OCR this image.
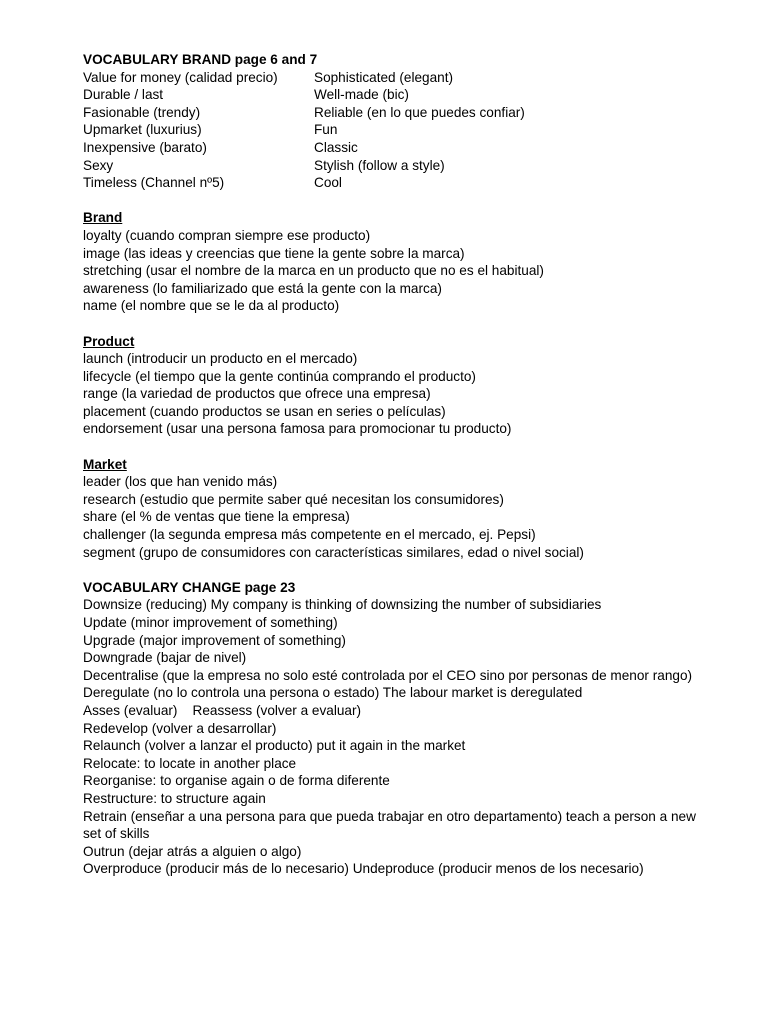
VOCABULARY BRAND page 6 and 7
Value for money (calidad precio)	Sophisticated (elegant)
Durable / last	Well-made (bic)
Fasionable (trendy)	Reliable (en lo que puedes confiar)
Upmarket (luxurius)	Fun
Inexpensive (barato)	Classic
Sexy	Stylish (follow a style)
Timeless (Channel nº5)	Cool
Brand
loyalty (cuando compran siempre ese producto)
image (las ideas y creencias que tiene la gente sobre la marca)
stretching (usar el nombre de la marca en un producto que no es el habitual)
awareness (lo familiarizado que está la gente con la marca)
name (el nombre que se le da al producto)
Product
launch (introducir un producto en el mercado)
lifecycle (el tiempo que la gente continúa comprando el producto)
range (la variedad de productos que ofrece una empresa)
placement (cuando productos se usan en series o películas)
endorsement (usar una persona famosa para promocionar tu producto)
Market
leader (los que han venido más)
research (estudio que permite saber qué necesitan los consumidores)
share (el % de ventas que tiene la empresa)
challenger (la segunda empresa más competente en el mercado, ej. Pepsi)
segment (grupo de consumidores con características similares, edad o nivel social)
VOCABULARY CHANGE page 23
Downsize (reducing) My company is thinking of downsizing the number of subsidiaries
Update (minor improvement of something)
Upgrade (major improvement of something)
Downgrade (bajar de nivel)
Decentralise (que la empresa no solo esté controlada por el CEO sino por personas de menor rango)
Deregulate (no lo controla una persona o estado) The labour market is deregulated
Asses (evaluar) Reassess (volver a evaluar)
Redevelop (volver a desarrollar)
Relaunch (volver a lanzar el producto) put it again in the market
Relocate: to locate in another place
Reorganise: to organise again o de forma diferente
Restructure: to structure again
Retrain (enseñar a una persona para que pueda trabajar en otro departamento) teach a person a new set of skills
Outrun (dejar atrás a alguien o algo)
Overproduce (producir más de lo necesario) Undeproduce (producir menos de los necesario)
